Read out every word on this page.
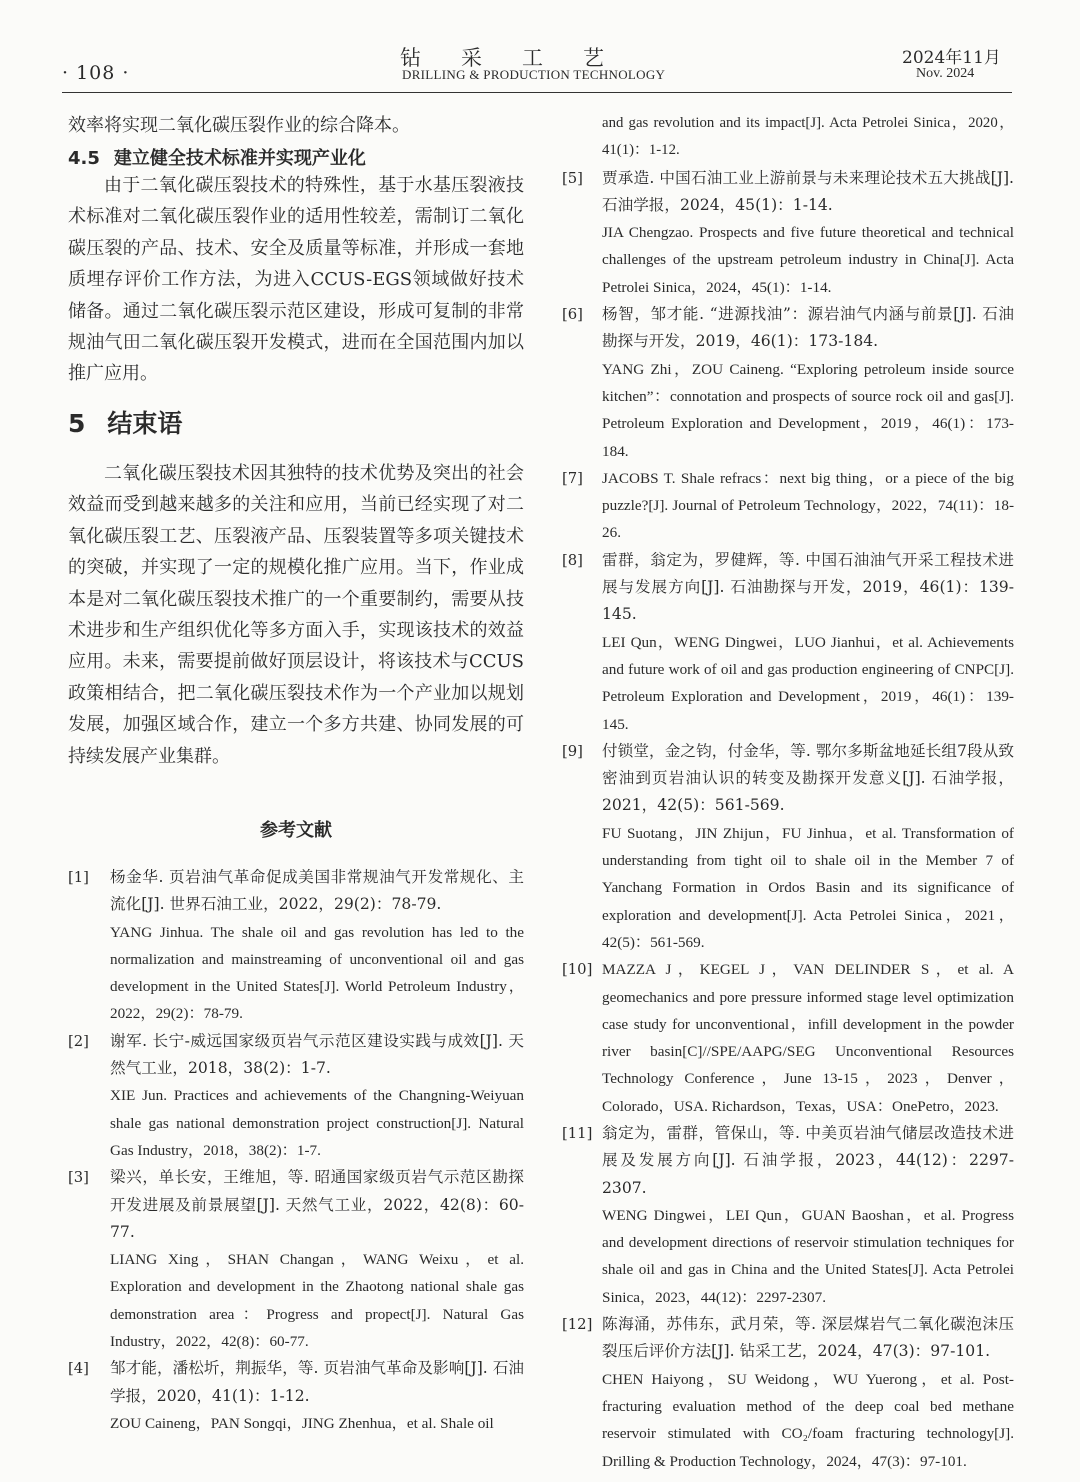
· 108 ·
钻采工艺
DRILLING & PRODUCTION TECHNOLOGY
2024年11月
Nov. 2024
效率将实现二氧化碳压裂作业的综合降本。
4.5 建立健全技术标准并实现产业化
由于二氧化碳压裂技术的特殊性，基于水基压裂液技术标准对二氧化碳压裂作业的适用性较差，需制订二氧化碳压裂的产品、技术、安全及质量等标准，并形成一套地质埋存评价工作方法，为进入CCUS-EGS领域做好技术储备。通过二氧化碳压裂示范区建设，形成可复制的非常规油气田二氧化碳压裂开发模式，进而在全国范围内加以推广应用。
5 结束语
二氧化碳压裂技术因其独特的技术优势及突出的社会效益而受到越来越多的关注和应用，当前已经实现了对二氧化碳压裂工艺、压裂液产品、压裂装置等多项关键技术的突破，并实现了一定的规模化推广应用。当下，作业成本是对二氧化碳压裂技术推广的一个重要制约，需要从技术进步和生产组织优化等多方面入手，实现该技术的效益应用。未来，需要提前做好顶层设计，将该技术与CCUS政策相结合，把二氧化碳压裂技术作为一个产业加以规划发展，加强区域合作，建立一个多方共建、协同发展的可持续发展产业集群。
参考文献
[1]	杨金华. 页岩油气革命促成美国非常规油气开发常规化、主流化[J]. 世界石油工业，2022，29(2)：78-79.
YANG Jinhua. The shale oil and gas revolution has led to the normalization and mainstreaming of unconventional oil and gas development in the United States[J]. World Petroleum Industry，2022，29(2)：78-79.
[2]	谢军. 长宁-威远国家级页岩气示范区建设实践与成效[J]. 天然气工业，2018，38(2)：1-7.
XIE Jun. Practices and achievements of the Changning-Weiyuan shale gas national demonstration project construction[J]. Natural Gas Industry，2018，38(2)：1-7.
[3]	梁兴，单长安，王维旭，等. 昭通国家级页岩气示范区勘探开发进展及前景展望[J]. 天然气工业，2022，42(8)：60-77.
LIANG Xing，SHAN Changan，WANG Weixu，et al. Exploration and development in the Zhaotong national shale gas demonstration area：Progress and propect[J]. Natural Gas Industry，2022，42(8)：60-77.
[4]	邹才能，潘松圻，荆振华，等. 页岩油气革命及影响[J]. 石油学报，2020，41(1)：1-12.
ZOU Caineng，PAN Songqi，JING Zhenhua，et al. Shale oil
and gas revolution and its impact[J]. Acta Petrolei Sinica，2020，41(1)：1-12.
[5]	贾承造. 中国石油工业上游前景与未来理论技术五大挑战[J]. 石油学报，2024，45(1)：1-14.
JIA Chengzao. Prospects and five future theoretical and technical challenges of the upstream petroleum industry in China[J]. Acta Petrolei Sinica，2024，45(1)：1-14.
[6]	杨智，邹才能. “进源找油”：源岩油气内涵与前景[J]. 石油勘探与开发，2019，46(1)：173-184.
YANG Zhi，ZOU Caineng. “Exploring petroleum inside source kitchen”：connotation and prospects of source rock oil and gas[J]. Petroleum Exploration and Development，2019，46(1)：173-184.
[7]	JACOBS T. Shale refracs：next big thing，or a piece of the big puzzle?[J]. Journal of Petroleum Technology，2022，74(11)：18-26.
[8]	雷群，翁定为，罗健辉，等. 中国石油油气开采工程技术进展与发展方向[J]. 石油勘探与开发，2019，46(1)：139-145.
LEI Qun，WENG Dingwei，LUO Jianhui，et al. Achievements and future work of oil and gas production engineering of CNPC[J]. Petroleum Exploration and Development，2019，46(1)：139-145.
[9]	付锁堂，金之钧，付金华，等. 鄂尔多斯盆地延长组7段从致密油到页岩油认识的转变及勘探开发意义[J]. 石油学报，2021，42(5)：561-569.
FU Suotang，JIN Zhijun，FU Jinhua，et al. Transformation of understanding from tight oil to shale oil in the Member 7 of Yanchang Formation in Ordos Basin and its significance of exploration and development[J]. Acta Petrolei Sinica，2021，42(5)：561-569.
[10] MAZZA J，KEGEL J，VAN DELINDER S，et al. A geomechanics and pore pressure informed stage level optimization case study for unconventional，infill development in the powder river basin[C]//SPE/AAPG/SEG Unconventional Resources Technology Conference，June 13-15，2023，Denver，Colorado，USA. Richardson，Texas，USA：OnePetro，2023.
[11] 翁定为，雷群，管保山，等. 中美页岩油气储层改造技术进展及发展方向[J]. 石油学报，2023，44(12)：2297-2307.
WENG Dingwei，LEI Qun，GUAN Baoshan，et al. Progress and development directions of reservoir stimulation techniques for shale oil and gas in China and the United States[J]. Acta Petrolei Sinica，2023，44(12)：2297-2307.
[12] 陈海涌，苏伟东，武月荣，等. 深层煤岩气二氧化碳泡沫压裂压后评价方法[J]. 钻采工艺，2024，47(3)：97-101.
CHEN Haiyong，SU Weidong，WU Yuerong，et al. Post-fracturing evaluation method of the deep coal bed methane reservoir stimulated with CO₂/foam fracturing technology[J]. Drilling & Production Technology，2024，47(3)：97-101.
